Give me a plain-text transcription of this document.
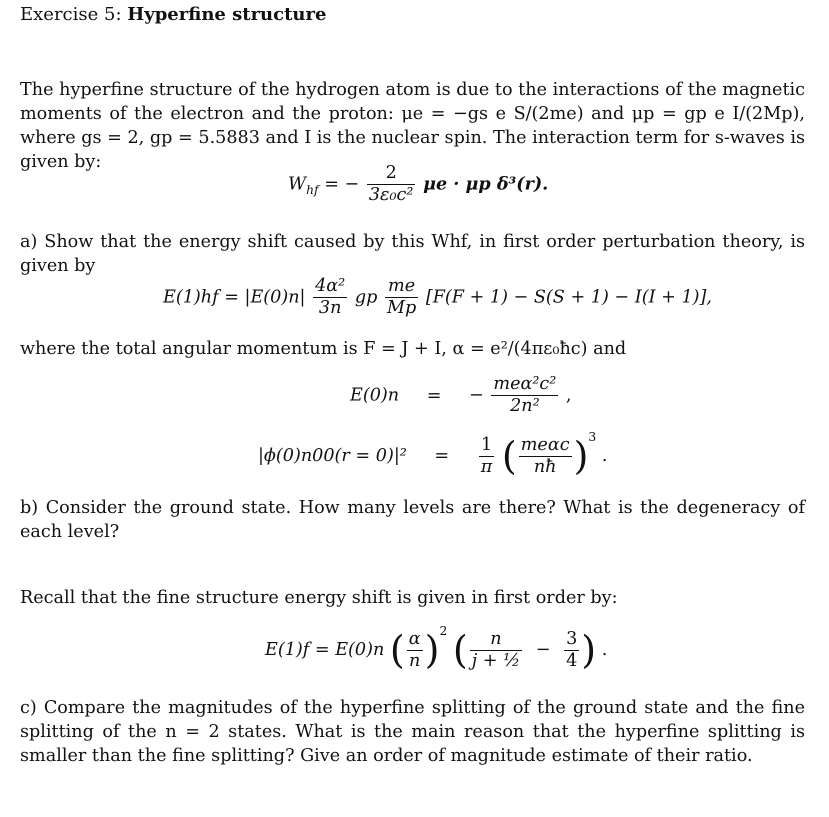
Exercise 5: Hyperfine structure
The hyperfine structure of the hydrogen atom is due to the interactions of the magnetic moments of the electron and the proton: μe = −gs e S/(2me) and μp = gp e I/(2Mp), where gs = 2, gp = 5.5883 and I is the nuclear spin. The interaction term for s-waves is given by:
$W_{hf}$ = − $\frac{2}{\text{3ε₀c²}}$ μe · μp δ³(r).
a) Show that the energy shift caused by this Whf, in first order perturbation theory, is given by
$E(1)hf = |E(0)n| \frac{\text{4α²}}{3n}$ gp $\frac{me}{Mp} [F(F + 1) - S(S + 1) - I(I + 1)]$,
where the total angular momentum is F = J + I, α = e²/(4πε₀ħc) and
E(0)n = − $\frac{\text{meα²c²}}{\text{2n²}}$ ,
$|\phi(0)n00(r = 0)|^2 = \frac{1}{\pi}$ ( $\frac{\text{meαc}}{nħ} )^3$ .
b) Consider the ground state. How many levels are there? What is the degeneracy of each level?
Recall that the fine structure energy shift is given in first order by:
E(1)f = E(0)n ( $\frac{\alpha}{n} )^2$ ( $\frac{n}{\text{j + ½}} - \frac{3}{4}$ ) .
c) Compare the magnitudes of the hyperfine splitting of the ground state and the fine splitting of the n = 2 states. What is the main reason that the hyperfine splitting is smaller than the fine splitting? Give an order of magnitude estimate of their ratio.
